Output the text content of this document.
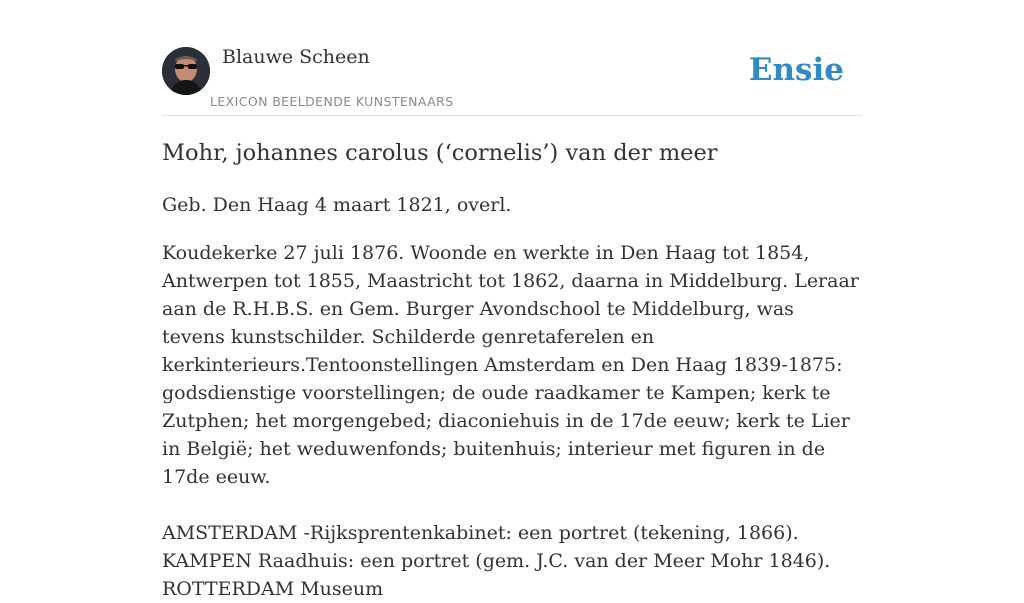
Blauwe Scheen
LEXICON BEELDENDE KUNSTENAARS
Ensie
Mohr, johannes carolus (‘cornelis’) van der meer
Geb. Den Haag 4 maart 1821, overl.

Koudekerke 27 juli 1876. Woonde en werkte in Den Haag tot 1854, Antwerpen tot 1855, Maastricht tot 1862, daarna in Middelburg. Leraar aan de R.H.B.S. en Gem. Burger Avondschool te Middelburg, was tevens kunstschilder. Schilderde genretaferelen en kerkinterieurs.Tentoonstellingen Amsterdam en Den Haag 1839-1875: godsdienstige voorstellingen; de oude raadkamer te Kampen; kerk te Zutphen; het morgengebed; diaconiehuis in de 17de eeuw; kerk te Lier in België; het weduwenfonds; buitenhuis; interieur met figuren in de 17de eeuw.

AMSTERDAM -Rijksprentenkabinet: een portret (tekening, 1866). KAMPEN Raadhuis: een portret (gem. J.C. van der Meer Mohr 1846). ROTTERDAM Museum
